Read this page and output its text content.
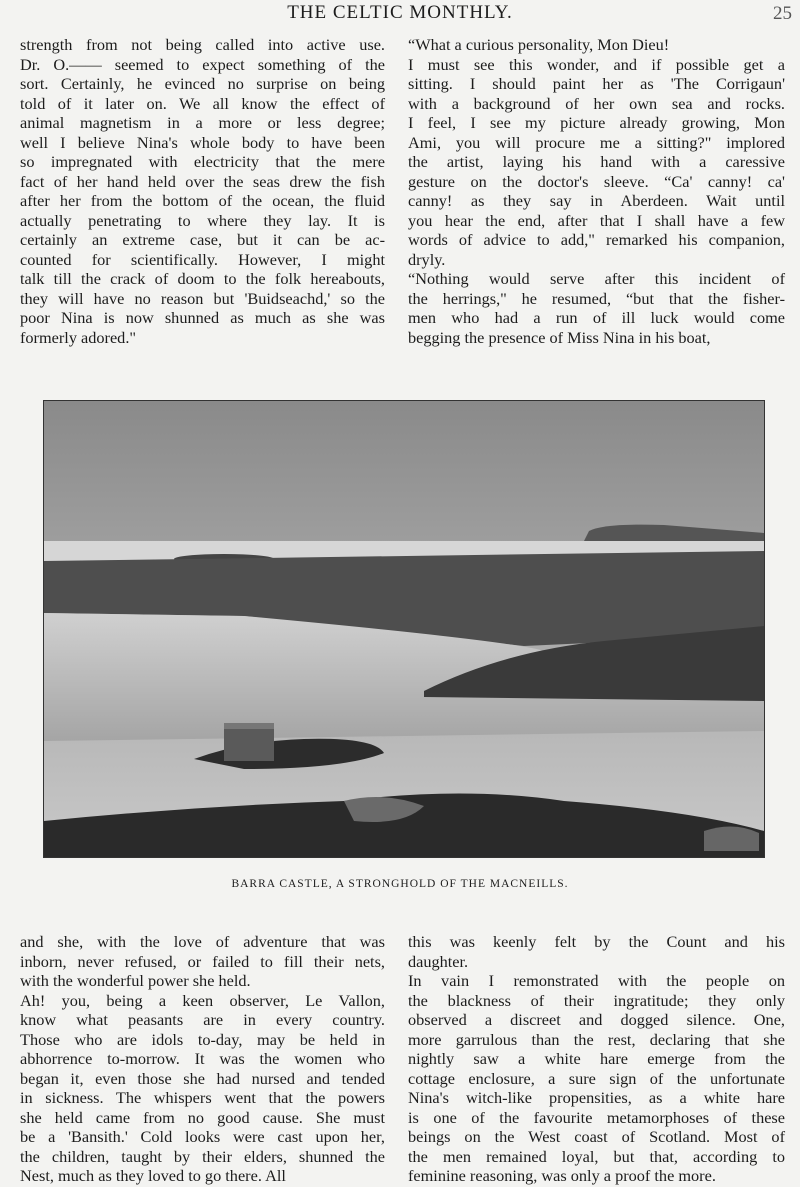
THE CELTIC MONTHLY.	25
strength from not being called into active use.
Dr. O.—— seemed to expect something of the
sort. Certainly, he evinced no surprise on being
told of it later on. We all know the effect of
animal magnetism in a more or less degree;
well I believe Nina's whole body to have been
so impregnated with electricity that the mere
fact of her hand held over the seas drew the fish
after her from the bottom of the ocean, the fluid
actually penetrating to where they lay. It is
certainly an extreme case, but it can be ac-
counted for scientifically. However, I might
talk till the crack of doom to the folk hereabouts,
they will have no reason but 'Buidseachd,' so the
poor Nina is now shunned as much as she was
formerly adored."
“What a curious personality, Mon Dieu!
I must see this wonder, and if possible get a
sitting. I should paint her as 'The Corrigaun'
with a background of her own sea and rocks.
I feel, I see my picture already growing, Mon
Ami, you will procure me a sitting?" implored
the artist, laying his hand with a caressive
gesture on the doctor's sleeve. “Ca' canny! ca'
canny! as they say in Aberdeen. Wait until
you hear the end, after that I shall have a few
words of advice to add," remarked his companion,
dryly.
“Nothing would serve after this incident of
the herrings," he resumed, “but that the fisher-
men who had a run of ill luck would come
begging the presence of Miss Nina in his boat,
BARRA CASTLE, A STRONGHOLD OF THE MACNEILLS.
and she, with the love of adventure that was
inborn, never refused, or failed to fill their nets,
with the wonderful power she held.
Ah! you, being a keen observer, Le Vallon,
know what peasants are in every country.
Those who are idols to-day, may be held in
abhorrence to-morrow. It was the women who
began it, even those she had nursed and tended
in sickness. The whispers went that the powers
she held came from no good cause. She must
be a 'Bansith.' Cold looks were cast upon her,
the children, taught by their elders, shunned the
Nest, much as they loved to go there. All
this was keenly felt by the Count and his
daughter.
In vain I remonstrated with the people on
the blackness of their ingratitude; they only
observed a discreet and dogged silence. One,
more garrulous than the rest, declaring that she
nightly saw a white hare emerge from the
cottage enclosure, a sure sign of the unfortunate
Nina's witch-like propensities, as a white hare
is one of the favourite metamorphoses of these
beings on the West coast of Scotland. Most of
the men remained loyal, but that, according to
feminine reasoning, was only a proof the more.
